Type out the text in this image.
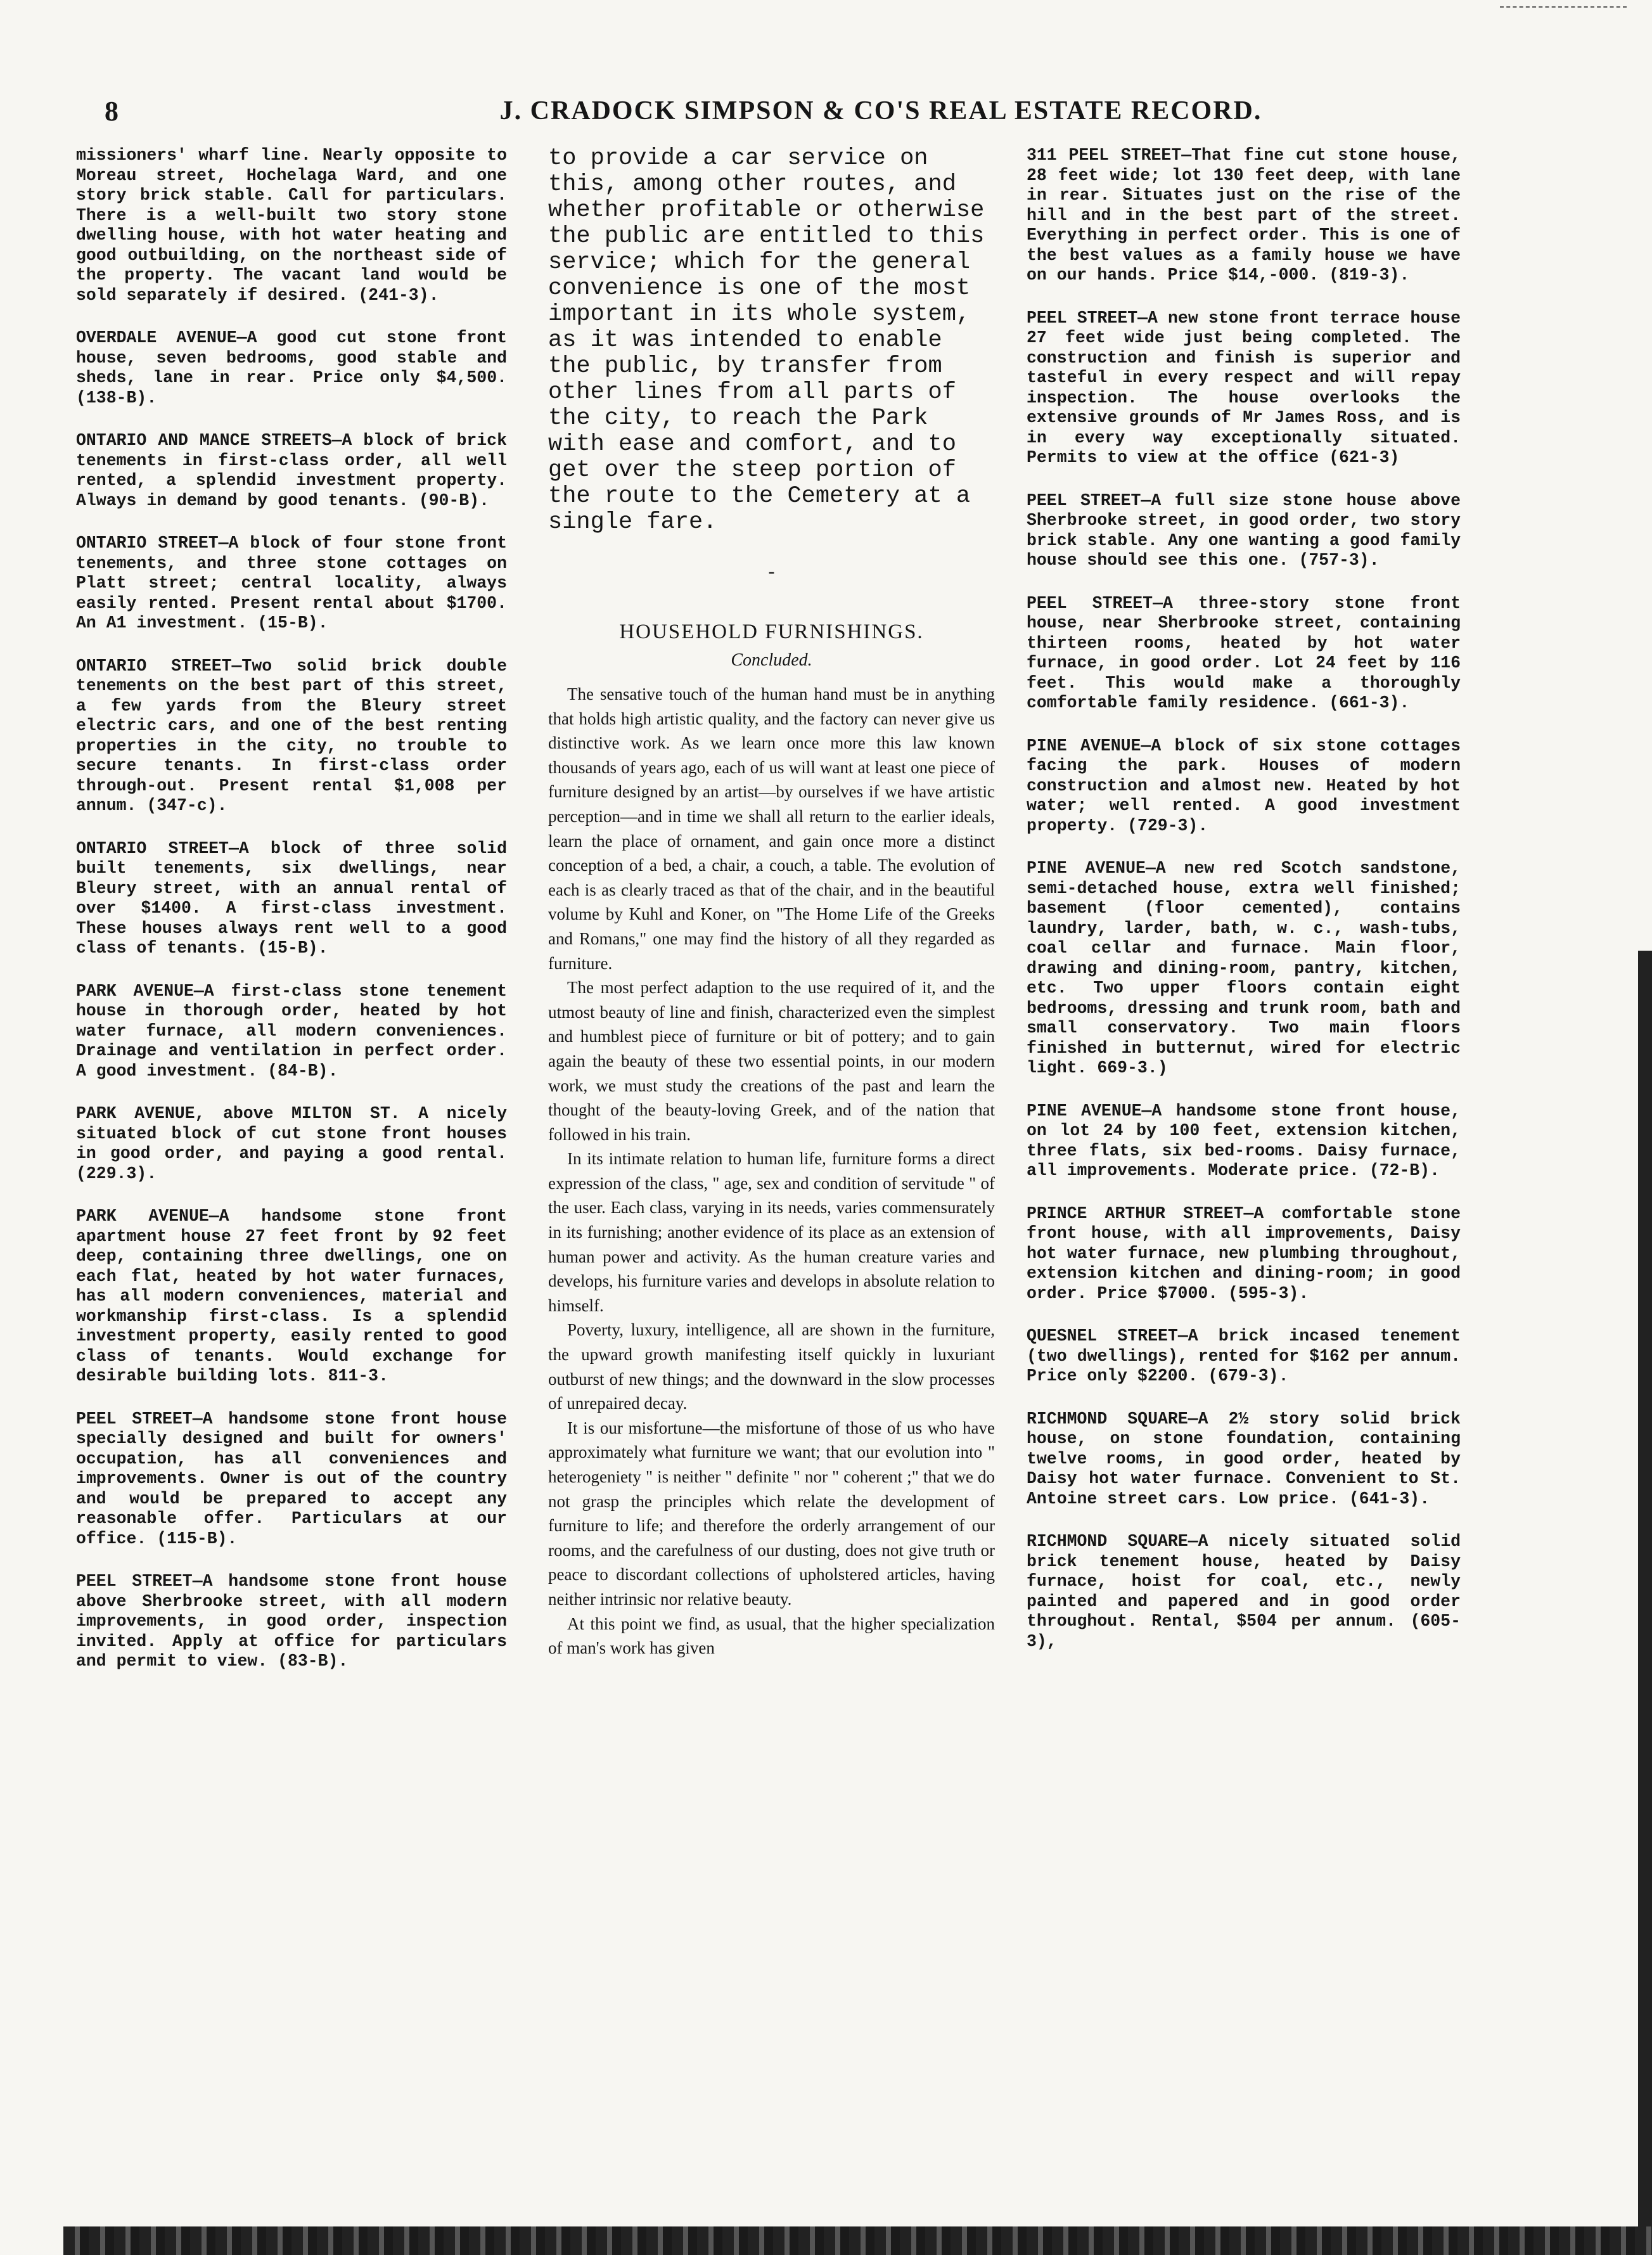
8	J. CRADOCK SIMPSON & CO'S REAL ESTATE RECORD.

missioners' wharf line. Nearly opposite to Moreau street, Hochelaga Ward, and one story brick stable. Call for particulars. There is a well-built two story stone dwelling house, with hot water heating and good outbuilding, on the northeast side of the property. The vacant land would be sold separately if desired. (241-3).

OVERDALE AVENUE—A good cut stone front house, seven bedrooms, good stable and sheds, lane in rear. Price only $4,500. (138-B).

ONTARIO AND MANCE STREETS—A block of brick tenements in first-class order, all well rented, a splendid investment property. Always in demand by good tenants. (90-B).

ONTARIO STREET—A block of four stone front tenements, and three stone cottages on Platt street; central locality, always easily rented. Present rental about $1700. An A1 investment. (15-B).

ONTARIO STREET—Two solid brick double tenements on the best part of this street, a few yards from the Bleury street electric cars, and one of the best renting properties in the city, no trouble to secure tenants. In first-class order through-out. Present rental $1,008 per annum. (347-c).

ONTARIO STREET—A block of three solid built tenements, six dwellings, near Bleury street, with an annual rental of over $1400. A first-class investment. These houses always rent well to a good class of tenants. (15-B).

PARK AVENUE—A first-class stone tenement house in thorough order, heated by hot water furnace, all modern conveniences. Drainage and ventilation in perfect order. A good investment. (84-B).

PARK AVENUE, above MILTON ST. A nicely situated block of cut stone front houses in good order, and paying a good rental. (229.3).

PARK AVENUE—A handsome stone front apartment house 27 feet front by 92 feet deep, containing three dwellings, one on each flat, heated by hot water furnaces, has all modern conveniences, material and workmanship first-class. Is a splendid investment property, easily rented to good class of tenants. Would exchange for desirable building lots. 811-3.

PEEL STREET—A handsome stone front house specially designed and built for owners' occupation, has all conveniences and improvements. Owner is out of the country and would be prepared to accept any reasonable offer. Particulars at our office. (115-B).

PEEL STREET—A handsome stone front house above Sherbrooke street, with all modern improvements, in good order, inspection invited. Apply at office for particulars and permit to view. (83-B).

to provide a car service on this, among other routes, and whether profitable or otherwise the public are entitled to this service; which for the general convenience is one of the most important in its whole system, as it was intended to enable the public, by transfer from other lines from all parts of the city, to reach the Park with ease and comfort, and to get over the steep portion of the route to the Cemetery at a single fare.

-

HOUSEHOLD FURNISHINGS.

Concluded.

The sensative touch of the human hand must be in anything that holds high artistic quality, and the factory can never give us distinctive work. As we learn once more this law known thousands of years ago, each of us will want at least one piece of furniture designed by an artist—by ourselves if we have artistic perception—and in time we shall all return to the earlier ideals, learn the place of ornament, and gain once more a distinct conception of a bed, a chair, a couch, a table. The evolution of each is as clearly traced as that of the chair, and in the beautiful volume by Kuhl and Koner, on "The Home Life of the Greeks and Romans," one may find the history of all they regarded as furniture.

The most perfect adaption to the use required of it, and the utmost beauty of line and finish, characterized even the simplest and humblest piece of furniture or bit of pottery; and to gain again the beauty of these two essential points, in our modern work, we must study the creations of the past and learn the thought of the beauty-loving Greek, and of the nation that followed in his train.

In its intimate relation to human life, furniture forms a direct expression of the class, " age, sex and condition of servitude " of the user. Each class, varying in its needs, varies commensurately in its furnishing; another evidence of its place as an extension of human power and activity. As the human creature varies and develops, his furniture varies and develops in absolute relation to himself.

Poverty, luxury, intelligence, all are shown in the furniture, the upward growth manifesting itself quickly in luxuriant outburst of new things; and the downward in the slow processes of unrepaired decay.

It is our misfortune—the misfortune of those of us who have approximately what furniture we want; that our evolution into " heterogeniety " is neither " definite " nor " coherent ;" that we do not grasp the principles which relate the development of furniture to life; and therefore the orderly arrangement of our rooms, and the carefulness of our dusting, does not give truth or peace to discordant collections of upholstered articles, having neither intrinsic nor relative beauty.

At this point we find, as usual, that the higher specialization of man's work has given

311 PEEL STREET—That fine cut stone house, 28 feet wide; lot 130 feet deep, with lane in rear. Situates just on the rise of the hill and in the best part of the street. Everything in perfect order. This is one of the best values as a family house we have on our hands. Price $14,-000. (819-3).

PEEL STREET—A new stone front terrace house 27 feet wide just being completed. The construction and finish is superior and tasteful in every respect and will repay inspection. The house overlooks the extensive grounds of Mr James Ross, and is in every way exceptionally situated. Permits to view at the office (621-3)

PEEL STREET—A full size stone house above Sherbrooke street, in good order, two story brick stable. Any one wanting a good family house should see this one. (757-3).

PEEL STREET—A three-story stone front house, near Sherbrooke street, containing thirteen rooms, heated by hot water furnace, in good order. Lot 24 feet by 116 feet. This would make a thoroughly comfortable family residence. (661-3).

PINE AVENUE—A block of six stone cottages facing the park. Houses of modern construction and almost new. Heated by hot water; well rented. A good investment property. (729-3).

PINE AVENUE—A new red Scotch sandstone, semi-detached house, extra well finished; basement (floor cemented), contains laundry, larder, bath, w. c., wash-tubs, coal cellar and furnace. Main floor, drawing and dining-room, pantry, kitchen, etc. Two upper floors contain eight bedrooms, dressing and trunk room, bath and small conservatory. Two main floors finished in butternut, wired for electric light. 669-3.)

PINE AVENUE—A handsome stone front house, on lot 24 by 100 feet, extension kitchen, three flats, six bed-rooms. Daisy furnace, all improvements. Moderate price. (72-B).

PRINCE ARTHUR STREET—A comfortable stone front house, with all improvements, Daisy hot water furnace, new plumbing throughout, extension kitchen and dining-room; in good order. Price $7000. (595-3).

QUESNEL STREET—A brick incased tenement (two dwellings), rented for $162 per annum. Price only $2200. (679-3).

RICHMOND SQUARE—A 2½ story solid brick house, on stone foundation, containing twelve rooms, in good order, heated by Daisy hot water furnace. Convenient to St. Antoine street cars. Low price. (641-3).

RICHMOND SQUARE—A nicely situated solid brick tenement house, heated by Daisy furnace, hoist for coal, etc., newly painted and papered and in good order throughout. Rental, $504 per annum. (605-3),
